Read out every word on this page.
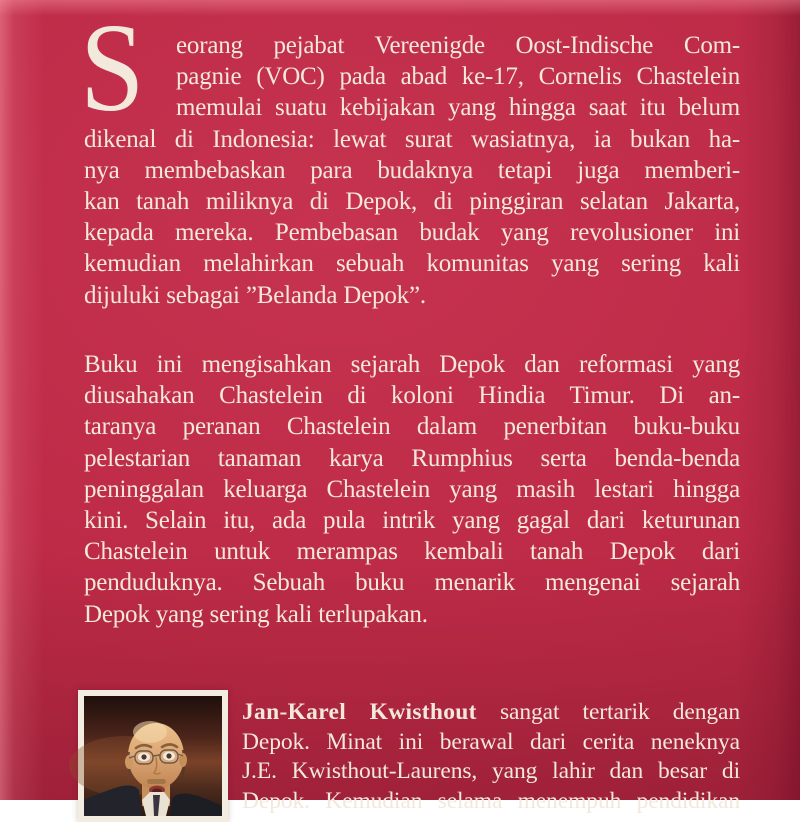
S eorang pejabat Vereenigde Oost-Indische Com-
pagnie (VOC) pada abad ke-17, Cornelis Chastelein
memulai suatu kebijakan yang hingga saat itu belum
dikenal di Indonesia: lewat surat wasiatnya, ia bukan ha-
nya membebaskan para budaknya tetapi juga memberi-
kan tanah miliknya di Depok, di pinggiran selatan Jakarta,
kepada mereka. Pembebasan budak yang revolusioner ini
kemudian melahirkan sebuah komunitas yang sering kali
dijuluki sebagai ”Belanda Depok”.
Buku ini mengisahkan sejarah Depok dan reformasi yang
diusahakan Chastelein di koloni Hindia Timur. Di an-
taranya peranan Chastelein dalam penerbitan buku-buku
pelestarian tanaman karya Rumphius serta benda-benda
peninggalan keluarga Chastelein yang masih lestari hingga
kini. Selain itu, ada pula intrik yang gagal dari keturunan
Chastelein untuk merampas kembali tanah Depok dari
penduduknya. Sebuah buku menarik mengenai sejarah
Depok yang sering kali terlupakan.
Jan-Karel Kwisthout sangat tertarik dengan
Depok. Minat ini berawal dari cerita neneknya
J.E. Kwisthout-Laurens, yang lahir dan besar di
Depok. Kemudian selama menempuh pendidikan
